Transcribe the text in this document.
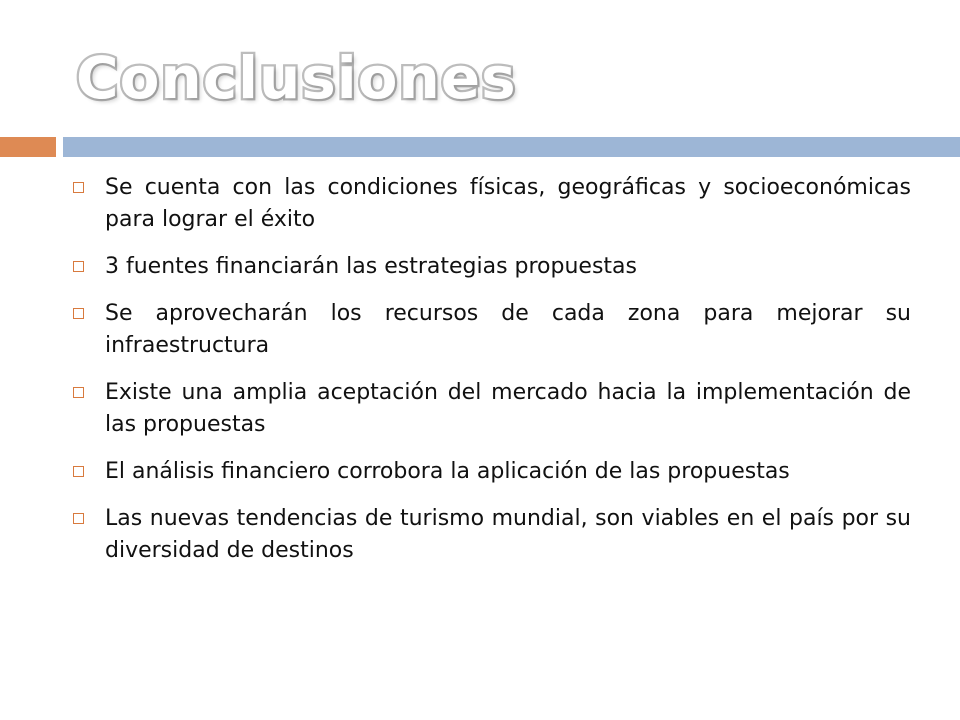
Conclusiones
Se cuenta con las condiciones físicas, geográficas y socioeconómicas para lograr el éxito
3 fuentes financiarán las estrategias propuestas
Se aprovecharán los recursos de cada zona para mejorar su infraestructura
Existe una amplia aceptación del mercado hacia la implementación de las propuestas
El análisis financiero corrobora la aplicación de las propuestas
Las nuevas tendencias de turismo mundial, son viables en el país por su diversidad de destinos
